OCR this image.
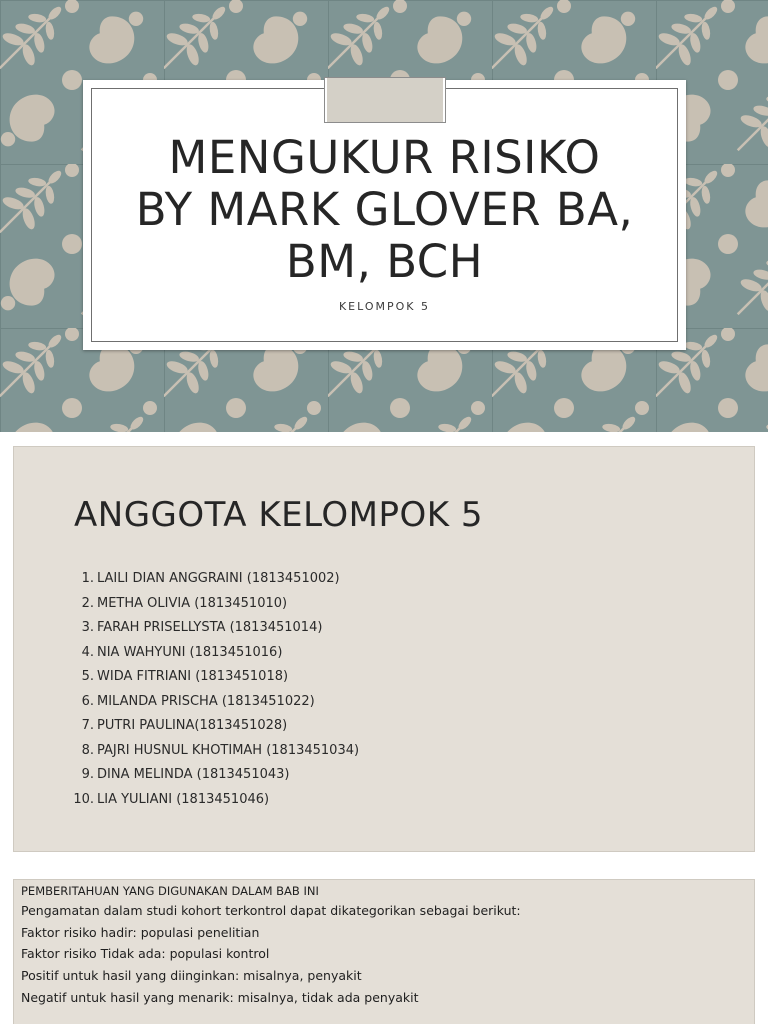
MENGUKUR RISIKO
BY MARK GLOVER BA,
BM, BCH
KELOMPOK 5
ANGGOTA KELOMPOK 5
1. LAILI DIAN ANGGRAINI (1813451002)
2. METHA OLIVIA (1813451010)
3. FARAH PRISELLYSTA (1813451014)
4. NIA WAHYUNI (1813451016)
5. WIDA FITRIANI (1813451018)
6. MILANDA PRISCHA (1813451022)
7. PUTRI PAULINA(1813451028)
8. PAJRI HUSNUL KHOTIMAH (1813451034)
9. DINA MELINDA (1813451043)
10. LIA YULIANI (1813451046)
PEMBERITAHUAN YANG DIGUNAKAN DALAM BAB INI
Pengamatan dalam studi kohort terkontrol dapat dikategorikan sebagai berikut:
Faktor risiko hadir: populasi penelitian
Faktor risiko Tidak ada: populasi kontrol
Positif untuk hasil yang diinginkan: misalnya, penyakit
Negatif untuk hasil yang menarik: misalnya, tidak ada penyakit
